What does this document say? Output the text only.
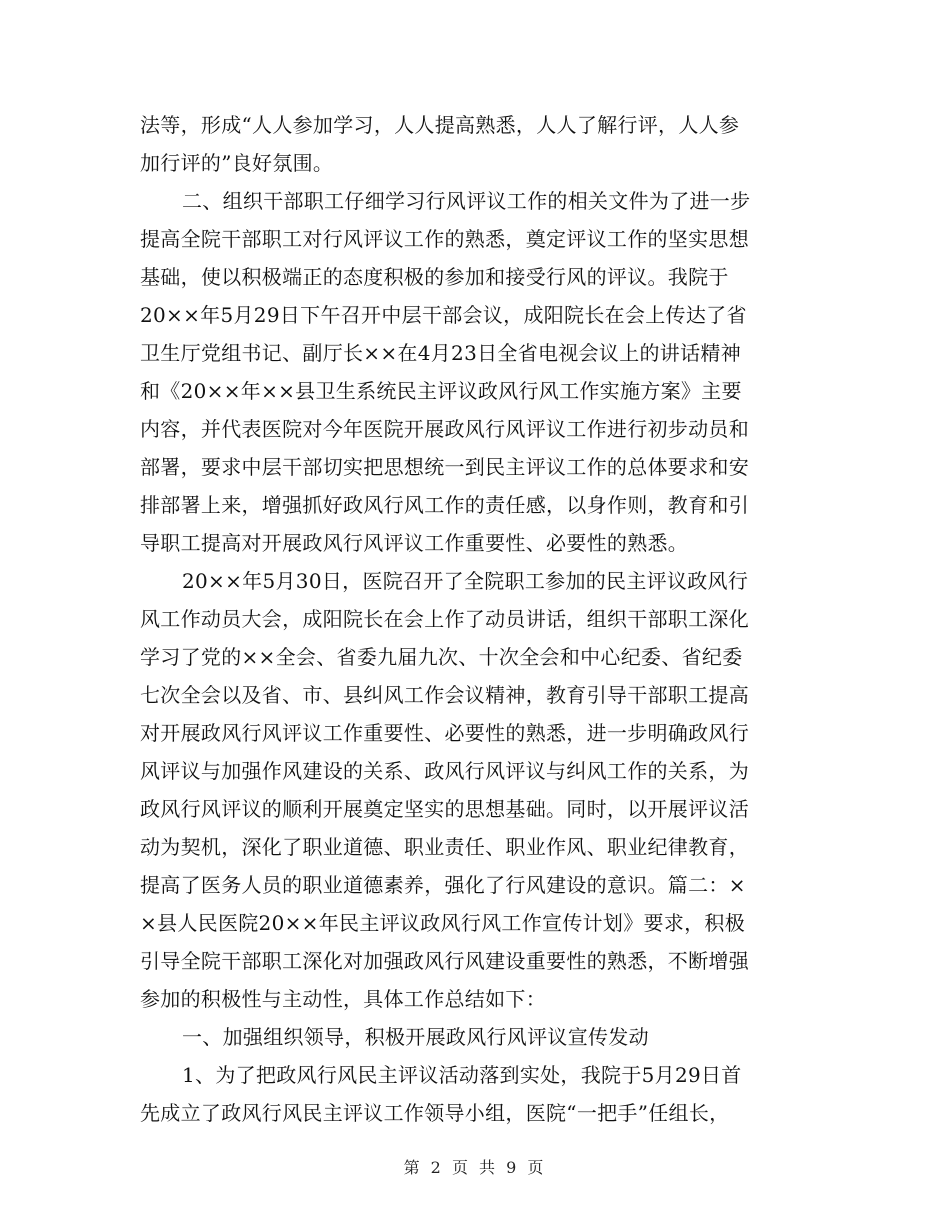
法等，形成“人人参加学习，人人提高熟悉，人人了解行评，人人参
加行评的”良好氛围。
二、组织干部职工仔细学习行风评议工作的相关文件为了进一步
提高全院干部职工对行风评议工作的熟悉，奠定评议工作的坚实思想
基础，使以积极端正的态度积极的参加和接受行风的评议。我院于
20××年5月29日下午召开中层干部会议，成阳院长在会上传达了省
卫生厅党组书记、副厅长××在4月23日全省电视会议上的讲话精神
和《20××年××县卫生系统民主评议政风行风工作实施方案》主要
内容，并代表医院对今年医院开展政风行风评议工作进行初步动员和
部署，要求中层干部切实把思想统一到民主评议工作的总体要求和安
排部署上来，增强抓好政风行风工作的责任感，以身作则，教育和引
导职工提高对开展政风行风评议工作重要性、必要性的熟悉。
20××年5月30日，医院召开了全院职工参加的民主评议政风行
风工作动员大会，成阳院长在会上作了动员讲话，组织干部职工深化
学习了党的××全会、省委九届九次、十次全会和中心纪委、省纪委
七次全会以及省、市、县纠风工作会议精神，教育引导干部职工提高
对开展政风行风评议工作重要性、必要性的熟悉，进一步明确政风行
风评议与加强作风建设的关系、政风行风评议与纠风工作的关系，为
政风行风评议的顺利开展奠定坚实的思想基础。同时，以开展评议活
动为契机，深化了职业道德、职业责任、职业作风、职业纪律教育，
提高了医务人员的职业道德素养，强化了行风建设的意识。篇二：×
×县人民医院20××年民主评议政风行风工作宣传计划》要求，积极
引导全院干部职工深化对加强政风行风建设重要性的熟悉，不断增强
参加的积极性与主动性，具体工作总结如下：
一、加强组织领导，积极开展政风行风评议宣传发动
1、为了把政风行风民主评议活动落到实处，我院于5月29日首
先成立了政风行风民主评议工作领导小组，医院“一把手”任组长，
第 2 页 共 9 页
